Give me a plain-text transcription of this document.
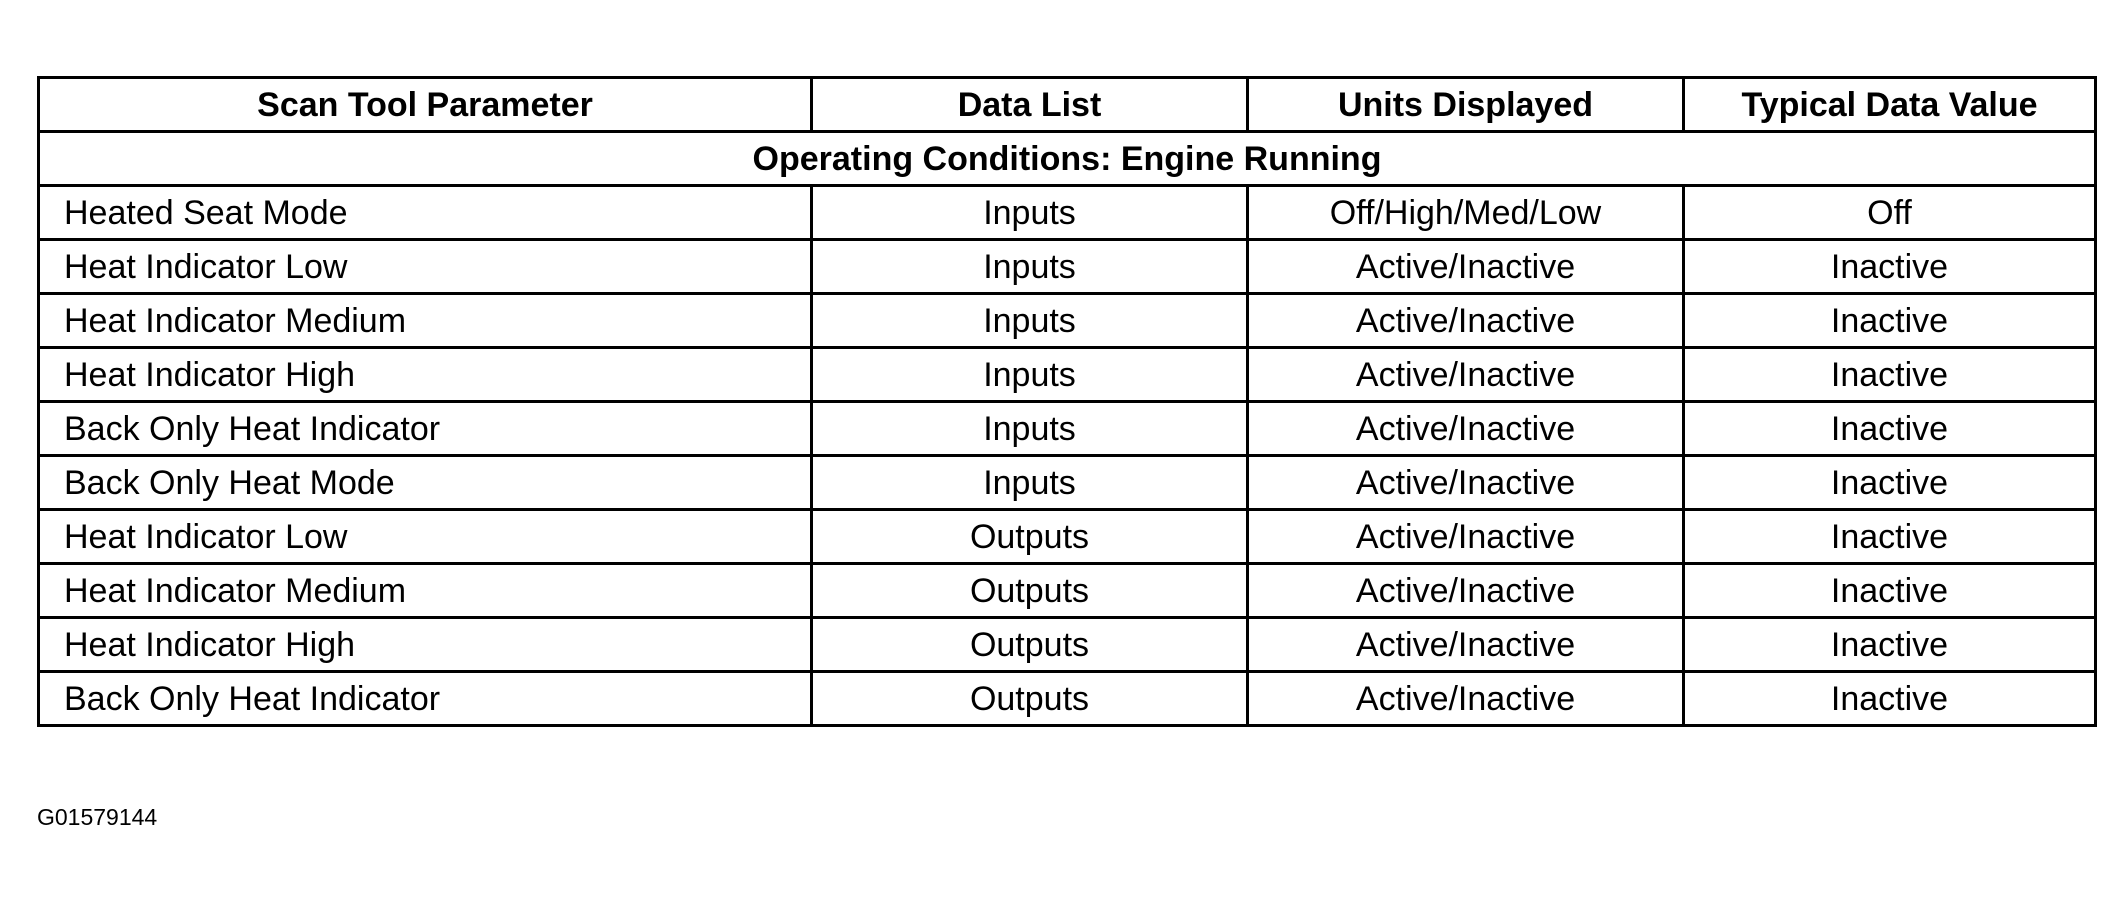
Scan Tool Parameter	Data List	Units Displayed	Typical Data Value
Operating Conditions: Engine Running			
Heated Seat Mode	Inputs	Off/High/Med/Low	Off
Heat Indicator Low	Inputs	Active/Inactive	Inactive
Heat Indicator Medium	Inputs	Active/Inactive	Inactive
Heat Indicator High	Inputs	Active/Inactive	Inactive
Back Only Heat Indicator	Inputs	Active/Inactive	Inactive
Back Only Heat Mode	Inputs	Active/Inactive	Inactive
Heat Indicator Low	Outputs	Active/Inactive	Inactive
Heat Indicator Medium	Outputs	Active/Inactive	Inactive
Heat Indicator High	Outputs	Active/Inactive	Inactive
Back Only Heat Indicator	Outputs	Active/Inactive	Inactive
G01579144
